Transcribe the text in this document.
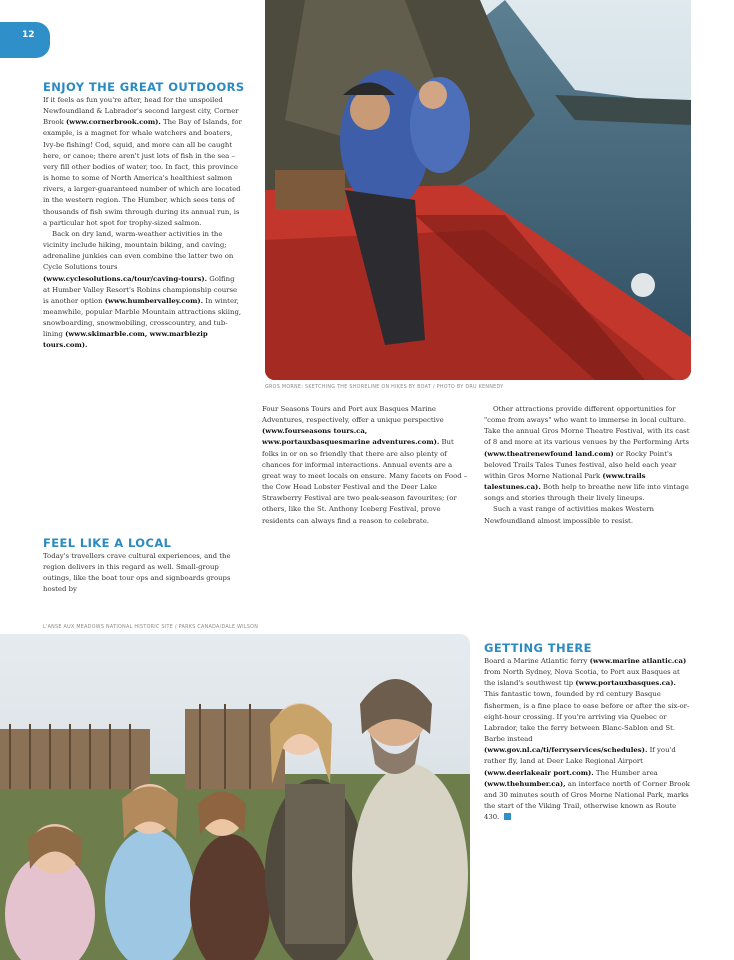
12
GROS MORNE: SKETCHING THE SHORELINE ON HIKES BY BOAT / PHOTO BY DRU KENNEDY
ENJOY THE GREAT OUTDOORS

If it feels as fun you're after, head for the unspoiled Newfoundland & Labrador's second largest city, Corner Brook (www.cornerbrook.com). The Bay of Islands, for example, is a magnet for whale watchers and boaters, Ivy-be fishing! Cod, squid, and more can all be caught here, or canoe; there aren't just lots of fish in the sea – very fill other bodies of water, too. In fact, this province is home to some of North America's healthiest salmon rivers, a larger-guaranteed number of which are located in the western region. The Humber, which sees tens of thousands of fish swim through during its annual run, is a particular hot spot for trophy-sized salmon.

Back on dry land, warm-weather activities in the vicinity include hiking, mountain biking, and caving; adrenaline junkies can even combine the latter two on Cycle Solutions tours (www.cyclesolutions.ca/tour/caving-tours). Golfing at Humber Valley Resort's Robins championship course is another option (www.humbervalley.com). In winter, meanwhile, popular Marble Mountain attractions skiing, snowboarding, snowmobiling, crosscountry, and tub-lining (www.skimarble.com, www.marblezip tours.com).

FEEL LIKE A LOCAL

Today's travellers crave cultural experiences, and the region delivers in this regard as well. Small-group outings, like the boat tour ops and signboards groups hosted by

Four Seasons Tours and Port aux Basques Marine Adventures, respectively, offer a unique perspective (www.fourseasons tours.ca, www.portauxbasquesmarine adventures.com). But folks in or on so friendly that there are also plenty of chances for informal interactions. Annual events are a great way to meet locals on ensure. Many facets on Food – the Cow Head Lobster Festival and the Deer Lake Strawberry Festival are two peak-season favourites; (or others, like the St. Anthony Iceberg Festival, prove residents can always find a reason to celebrate.

Other attractions provide different opportunities for "come from aways" who want to immerse in local culture. Take the annual Gros Morne Theatre Festival, with its cast of 8 and more at its various venues by the Performing Arts (www.theatrenewfound land.com) or Rocky Point's beloved Trails Tales Tunes festival, also held each year within Gros Morne National Park (www.trails talestunes.ca). Both help to breathe new life into vintage songs and stories through their lively lineups.

Such a vast range of activities makes Western Newfoundland almost impossible to resist.

L'ANSE AUX MEADOWS NATIONAL HISTORIC SITE / PARKS CANADA/DALE WILSON
GETTING THERE

Board a Marine Atlantic ferry (www.marine atlantic.ca) from North Sydney, Nova Scotia, to Port aux Basques at the island's southwest tip (www.portauxbasques.ca). This fantastic town, founded by rd century Basque fishermen, is a fine place to ease before or after the six-or-eight-hour crossing. If you're arriving via Quebec or Labrador, take the ferry between Blanc-Sablon and St. Barbe instead (www.gov.nl.ca/ti/ferryservices/schedules). If you'd rather fly, land at Deer Lake Regional Airport (www.deerlakeair port.com). The Humber area (www.thehumber.ca), an interface north of Corner Brook and 30 minutes south of Gros Morne National Park, marks the start of the Viking Trail, otherwise known as Route 430.
